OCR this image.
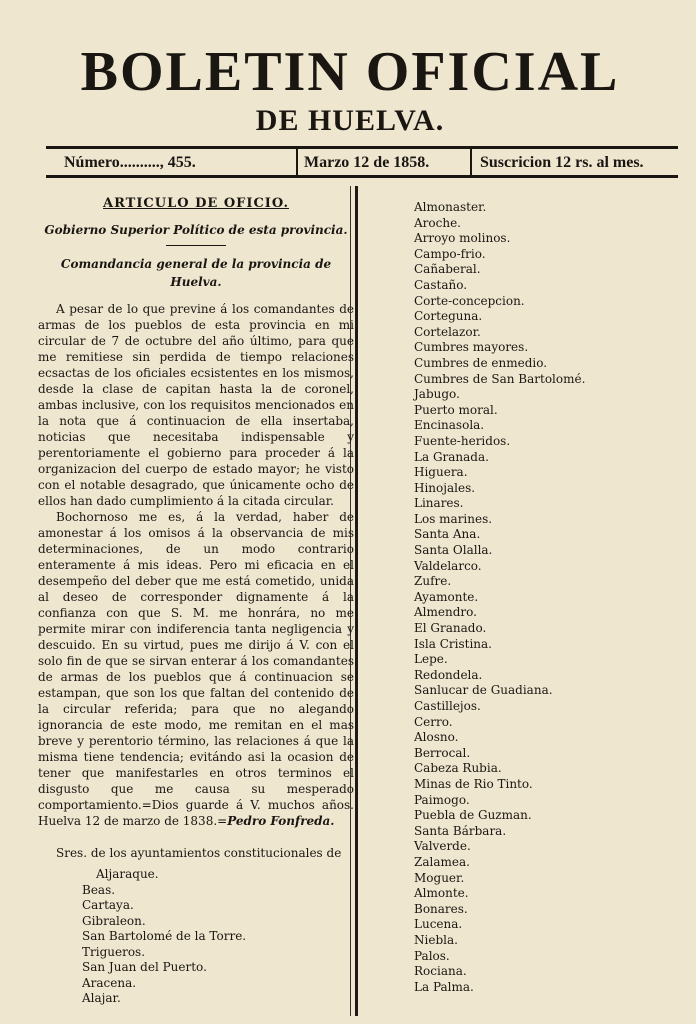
BOLETIN OFICIAL
DE HUELVA.
Número.........., 455.	Marzo 12 de 1858.	Suscricion 12 rs. al mes.

ARTICULO DE OFICIO.

Gobierno Superior Político de esta provincia.

Comandancia general de la provincia de Huelva.

A pesar de lo que previne á los comandantes de armas de los pueblos de esta provincia en mi circular de 7 de octubre del año último, para que me remitiese sin perdida de tiempo relaciones ecsactas de los oficiales ecsistentes en los mismos, desde la clase de capitan hasta la de coronel, ambas inclusive, con los requisitos mencionados en la nota que á continuacion de ella insertaba, noticias que necesitaba indispensable y perentoriamente el gobierno para proceder á la organizacion del cuerpo de estado mayor; he visto con el notable desagrado, que únicamente ocho de ellos han dado cumplimiento á la citada circular.

Bochornoso me es, á la verdad, haber de amonestar á los omisos á la observancia de mis determinaciones, de un modo contrario enteramente á mis ideas. Pero mi eficacia en el desempeño del deber que me está cometido, unida al deseo de corresponder dignamente á la confianza con que S. M. me honrára, no me permite mirar con indiferencia tanta negligencia y descuido. En su virtud, pues me dirijo á V. con el solo fin de que se sirvan enterar á los comandantes de armas de los pueblos que á continuacion se estampan, que son los que faltan del contenido de la circular referida; para que no alegando ignorancia de este modo, me remitan en el mas breve y perentorio término, las relaciones á que la misma tiene tendencia; evitándo asi la ocasion de tener que manifestarles en otros terminos el disgusto que me causa su mesperado comportamiento.=Dios guarde á V. muchos años. Huelva 12 de marzo de 1838.=Pedro Fonfreda.

Sres. de los ayuntamientos constitucionales de

Aljaraque.
Beas.
Cartaya.
Gibraleon.
San Bartolomé de la Torre.
Trigueros.
San Juan del Puerto.
Aracena.
Alajar.
Almonaster.
Aroche.
Arroyo molinos.
Campo-frio.
Cañaberal.
Castaño.
Corte-concepcion.
Corteguna.
Cortelazor.
Cumbres mayores.
Cumbres de enmedio.
Cumbres de San Bartolomé.
Jabugo.
Puerto moral.
Encinasola.
Fuente-heridos.
La Granada.
Higuera.
Hinojales.
Linares.
Los marines.
Santa Ana.
Santa Olalla.
Valdelarco.
Zufre.
Ayamonte.
Almendro.
El Granado.
Isla Cristina.
Lepe.
Redondela.
Sanlucar de Guadiana.
Castillejos.
Cerro.
Alosno.
Berrocal.
Cabeza Rubia.
Minas de Rio Tinto.
Paimogo.
Puebla de Guzman.
Santa Bárbara.
Valverde.
Zalamea.
Moguer.
Almonte.
Bonares.
Lucena.
Niebla.
Palos.
Rociana.
La Palma.
